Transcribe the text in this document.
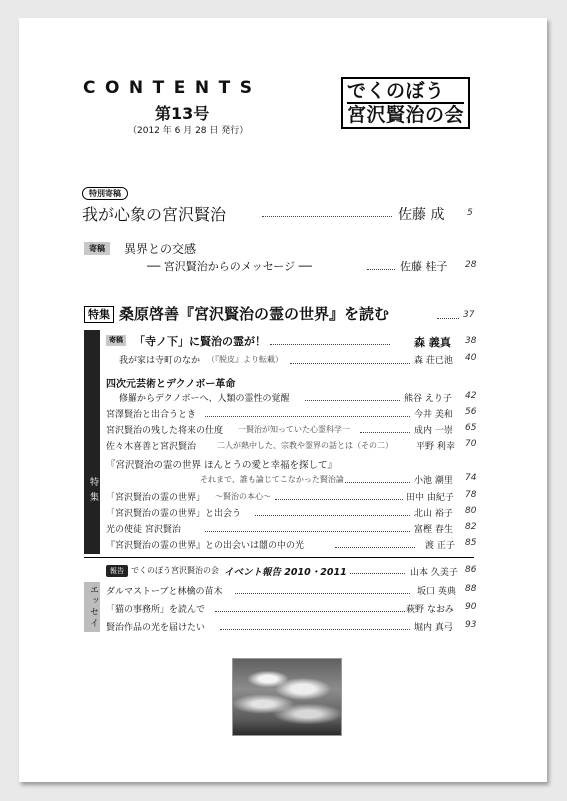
CONTENTS
第13号
（2012 年 6 月 28 日 発行）
でくのぼう
宮沢賢治の会
特別寄稿
我が心象の宮沢賢治	佐藤 成	5
寄稿	異界との交感
── 宮沢賢治からのメッセージ ──	佐藤 桂子 28
特集 桑原啓善『宮沢賢治の霊の世界』を読む	37
特集
寄稿 「寺ノ下」に賢治の霊が！	森 義真 38
我が家は寺町のなか （『脱皮』より転載）	森 荘已池 40
四次元芸術とデクノボー革命
修羅からデクノボーへ、人類の霊性の覚醒	熊谷 えり子 42
宮澤賢治と出合うとき	今井 美和 56
宮沢賢治の残した将来の仕度 一賢治が知っていた心霊科学一	成内 一崇 65
佐々木喜善と宮沢賢治	二人が熱中した、宗教や霊界の話とは（その二）	平野 利幸 70
『宮沢賢治の霊の世界 ほんとうの愛と幸福を探して』
それまで、誰も論じてこなかった賢治論	小池 潮里 74
「宮沢賢治の霊の世界」 〜賢治の本心〜	田中 由紀子 78
「宮沢賢治の霊の世界」と出会う	北山 裕子 80
光の使徒 宮沢賢治	富樫 春生 82
『宮沢賢治の霊の世界』との出会いは闇の中の光	渡 正子 85
報告 でくのぼう宮沢賢治の会 イベント報告 2010・2011	山本 久美子 86
エッセイ ダルマストーブと林檎の苗木	坂口 英典 88
「猫の事務所」を読んで	萩野 なおみ 90
賢治作品の光を届けたい	堀内 真弓 93
